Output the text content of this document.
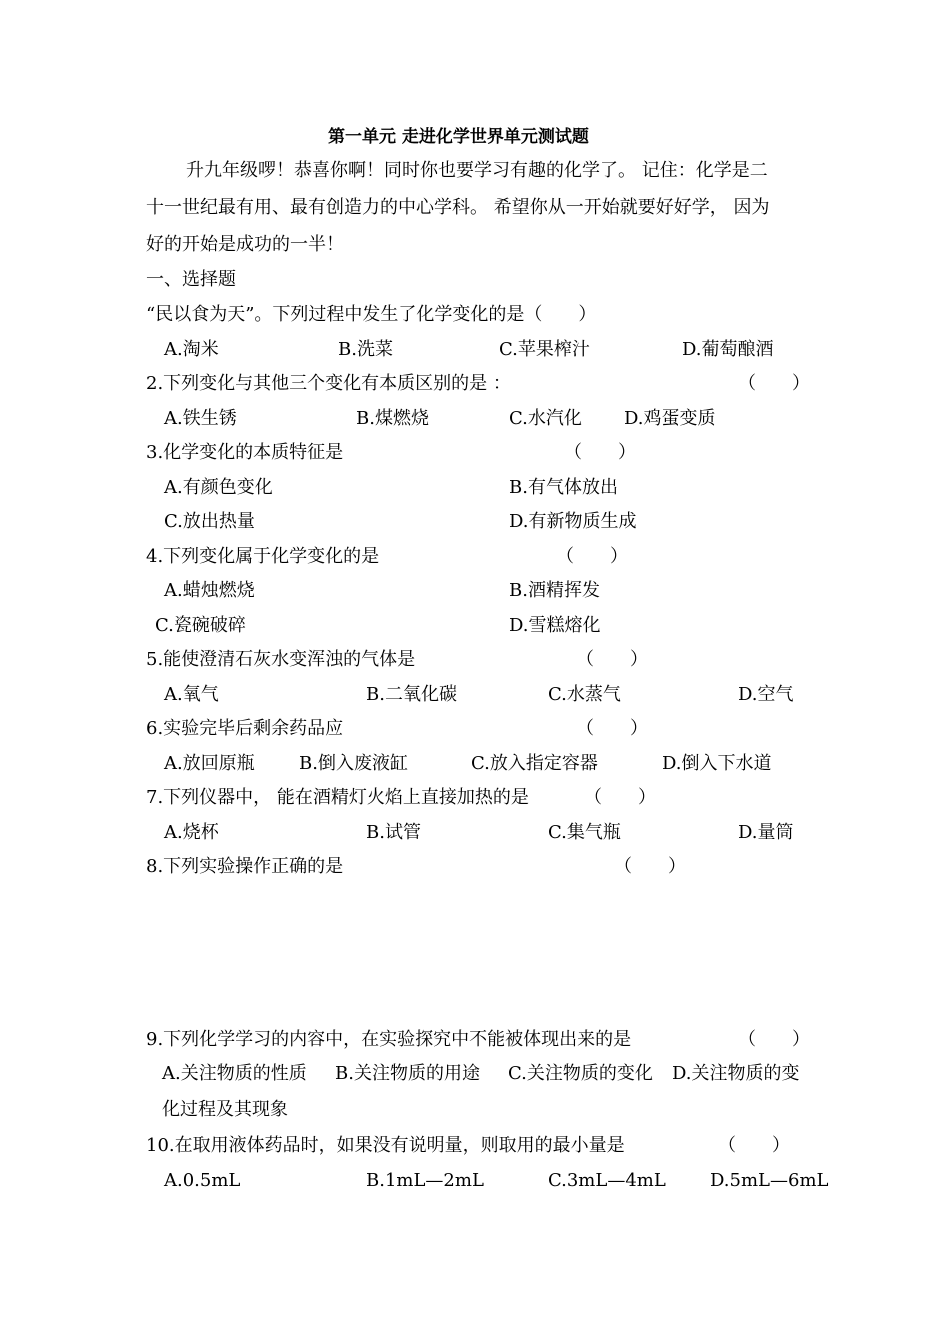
第一单元 走进化学世界单元测试题
升九年级啰！恭喜你啊！同时你也要学习有趣的化学了。 记住：化学是二
十一世纪最有用、最有创造力的中心学科。 希望你从一开始就要好好学， 因为
好的开始是成功的一半！
一、选择题
“民以食为天”。下列过程中发生了化学变化的是（　　）
A.淘米	B.洗菜	C.苹果榨汁	D.葡萄酿酒
2.下列变化与其他三个变化有本质区别的是 ：	（　　）
A.铁生锈	B.煤燃烧	C.水汽化 D.鸡蛋变质
3.化学变化的本质特征是	（　　）
A.有颜色变化	B.有气体放出
C.放出热量	D.有新物质生成
4.下列变化属于化学变化的是	（　　）
A.蜡烛燃烧	B.酒精挥发
C.瓷碗破碎	D.雪糕熔化
5.能使澄清石灰水变浑浊的气体是	（　　）
A.氧气	B.二氧化碳	C.水蒸气	D.空气
6.实验完毕后剩余药品应	（　　）
A.放回原瓶 B.倒入废液缸	C.放入指定容器	D.倒入下水道
7.下列仪器中， 能在酒精灯火焰上直接加热的是	（　　）
A.烧杯	B.试管	C.集气瓶	D.量筒
8.下列实验操作正确的是	（　　）
9.下列化学学习的内容中，在实验探究中不能被体现出来的是	（　　）
A.关注物质的性质 B.关注物质的用途 C.关注物质的变化 D.关注物质的变
化过程及其现象
10.在取用液体药品时，如果没有说明量，则取用的最小量是	（　　）
A.0.5mL	B.1mL—2mL	C.3mL—4mL D.5mL—6mL
